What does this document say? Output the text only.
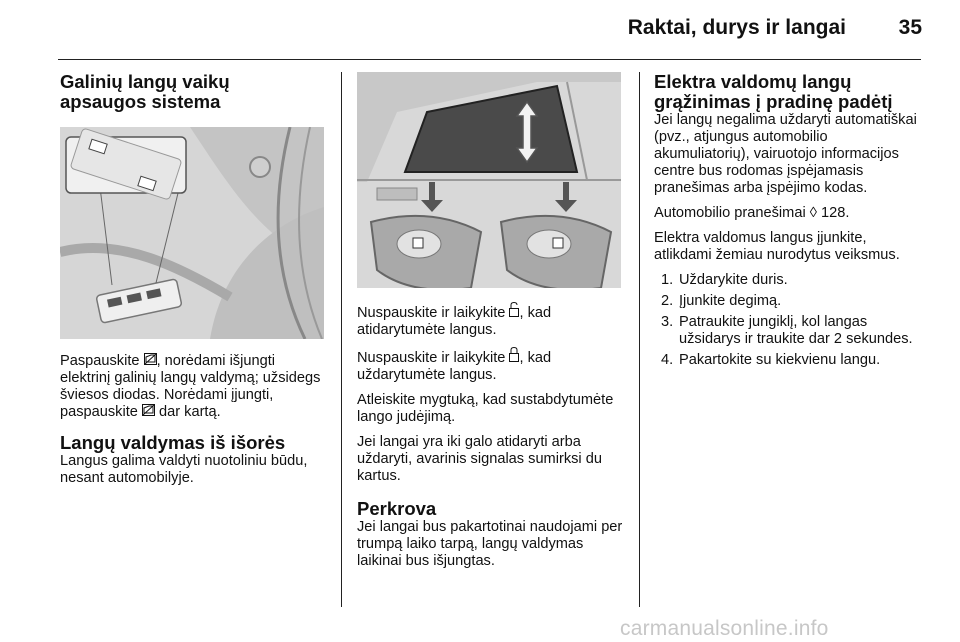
Raktai, durys ir langai	35
Galinių langų vaikų apsaugos sistema

Paspauskite , norėdami išjungti elektrinį galinių langų valdymą; užsidegs šviesos diodas. Norėdami įjungti, paspauskite  dar kartą.

Langų valdymas iš išorės

Langus galima valdyti nuotoliniu būdu, nesant automobilyje.

Nuspauskite ir laikykite , kad atidarytumėte langus.

Nuspauskite ir laikykite , kad uždarytumėte langus.

Atleiskite mygtuką, kad sustabdytumėte lango judėjimą.

Jei langai yra iki galo atidaryti arba uždaryti, avarinis signalas sumirksi du kartus.

Perkrova

Jei langai bus pakartotinai naudojami per trumpą laiko tarpą, langų valdymas laikinai bus išjungtas.

Elektra valdomų langų grąžinimas į pradinę padėtį

Jei langų negalima uždaryti automatiškai (pvz., atjungus automobilio akumuliatorių), vairuotojo informacijos centre bus rodomas įspėjamasis pranešimas arba įspėjimo kodas.

Automobilio pranešimai ◊ 128.

Elektra valdomus langus įjunkite, atlikdami žemiau nurodytus veiksmus.

1. Uždarykite duris.
2. Įjunkite degimą.
3. Patraukite jungiklį, kol langas užsidarys ir traukite dar 2 sekundes.
4. Pakartokite su kiekvienu langu.
carmanualsonline.info
